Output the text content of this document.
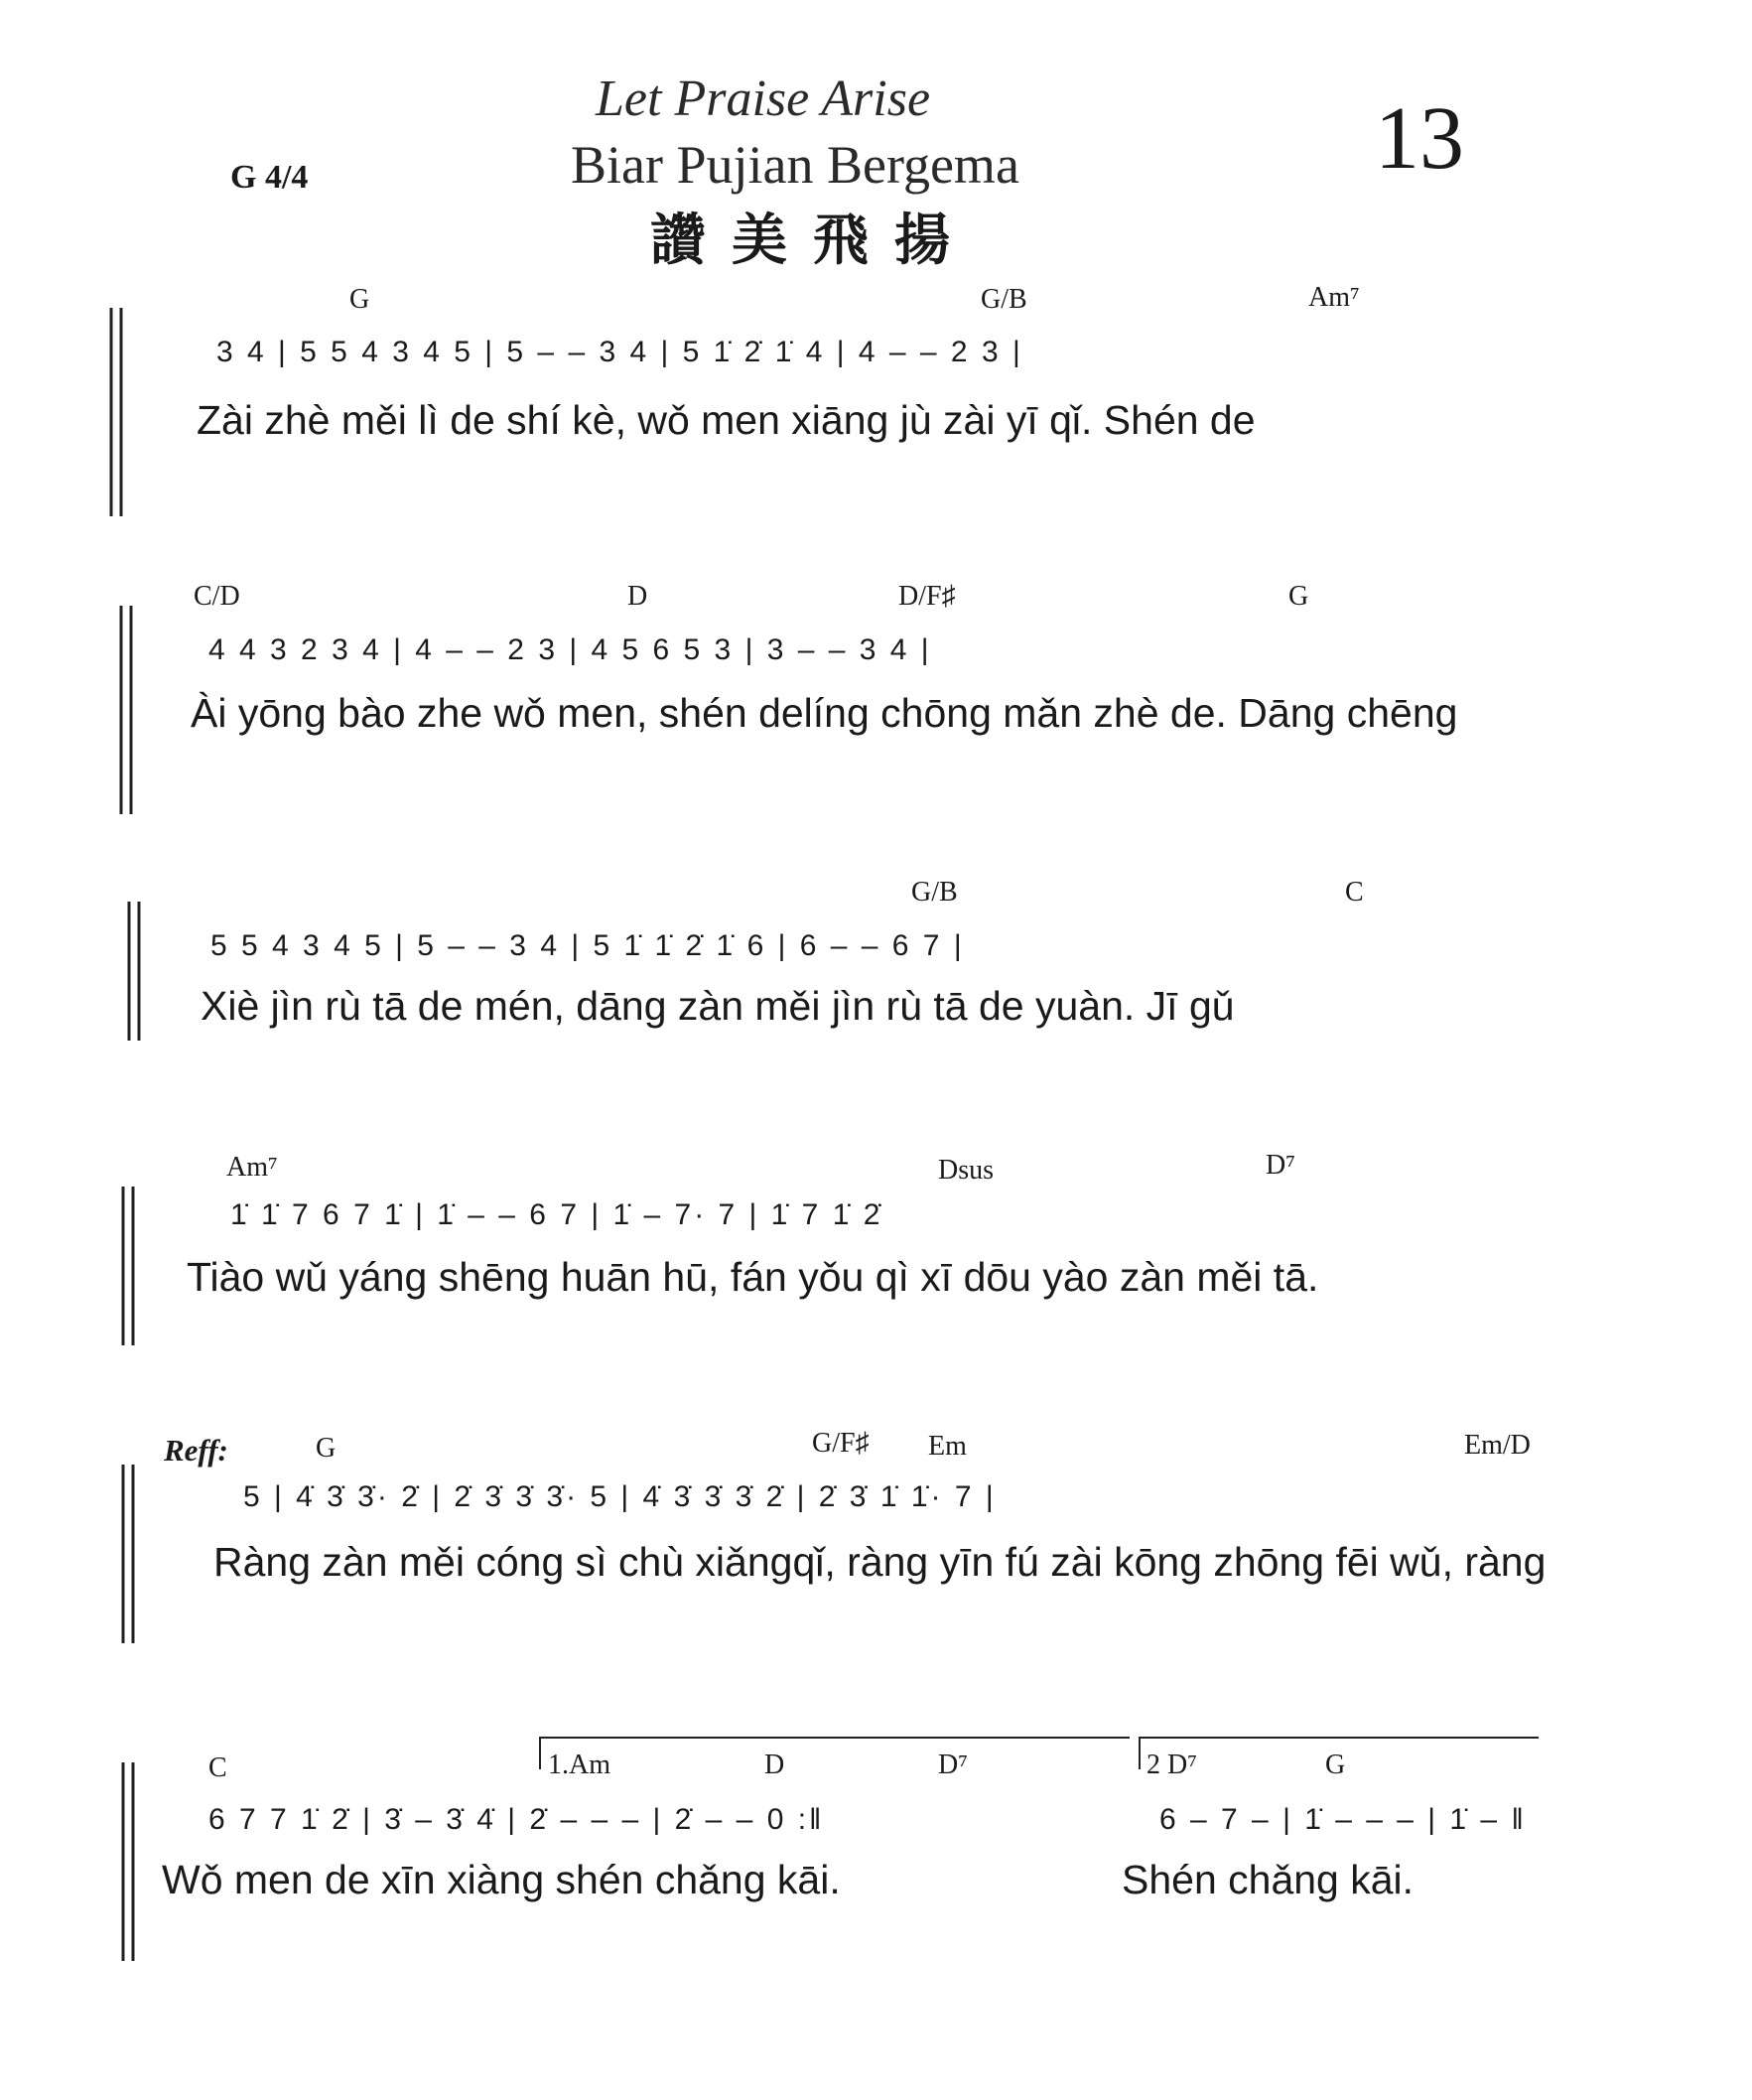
Let Praise Arise
Biar Pujian Bergema
讚美飛揚
13
G 4/4
G	G/B	Am⁷
3 4 | 5 5 4 3 4 5 | 5 – – 3 4 | 5 1̇ 2̇ 1̇ 4 | 4 – – 2 3 |
Zài zhè měi lì de shí kè, wǒ men xiāng jù zài yī qǐ. Shén de
C/D	D	D/F♯	G
4 4 3 2 3 4 | 4 – – 2 3 | 4 5 6 5 3 | 3 – – 3 4 |
Ài yōng bào zhe wǒ men, shén delíng chōng mǎn zhè de. Dāng chēng
G/B	C
5 5 4 3 4 5 | 5 – – 3 4 | 5 1̇ 1̇ 2̇ 1̇ 6 | 6 – – 6 7 |
Xiè jìn rù tā de mén, dāng zàn měi jìn rù tā de yuàn. Jī gǔ
Am⁷	Dsus	D⁷
1̇ 1̇ 7 6 7 1̇ | 1̇ – – 6 7 | 1̇ – 7· 7 | 1̇ 7 1̇ 2̇
Tiào wǔ yáng shēng huān hū, fán yǒu qì xī dōu yào zàn měi tā.
Reff:	G	G/F♯ Em	Em/D
5 | 4̇ 3̇ 3̇· 2̇ | 2̇ 3̇ 3̇ 3̇· 5 | 4̇ 3̇ 3̇ 3̇ 2̇ | 2̇ 3̇ 1̇ 1̇· 7 |
Ràng zàn měi cóng sì chù xiǎngqǐ, ràng yīn fú zài kōng zhōng fēi wǔ, ràng
C	1.Am	D	D⁷	2 D⁷	G
6 7 7 1̇ 2̇ | 3̇ – 3̇ 4̇ | 2̇ – – – | 2̇ – – 0 :‖	6 – 7 – | 1̇ – – – | 1̇ – ‖
Wǒ men de xīn xiàng shén chǎng kāi.	Shén chǎng kāi.
